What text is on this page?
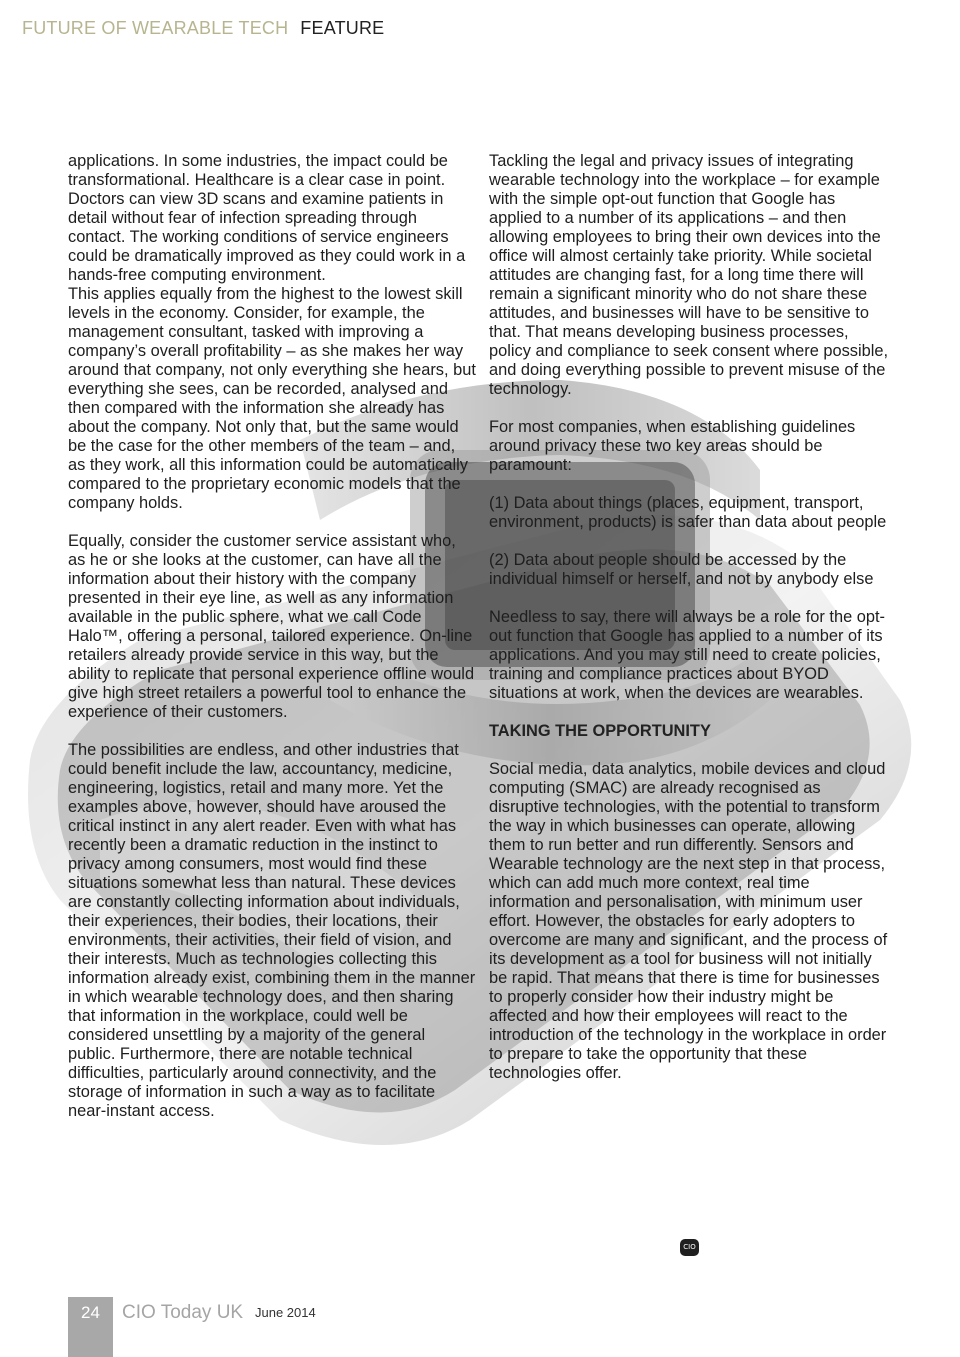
FUTURE OF WEARABLE TECH FEATURE

applications. In some industries, the impact could be transformational. Healthcare is a clear case in point. Doctors can view 3D scans and examine patients in detail without fear of infection spreading through contact. The working conditions of service engineers could be dramatically improved as they could work in a hands-free computing environment.

This applies equally from the highest to the lowest skill levels in the economy. Consider, for example, the management consultant, tasked with improving a company’s overall profitability – as she makes her way around that company, not only everything she hears, but everything she sees, can be recorded, analysed and then compared with the information she already has about the company. Not only that, but the same would be the case for the other members of the team – and, as they work, all this information could be automatically compared to the proprietary economic models that the company holds.

Equally, consider the customer service assistant who, as he or she looks at the customer, can have all the information about their history with the company presented in their eye line, as well as any information available in the public sphere, what we call Code Halo™, offering a personal, tailored experience. On-line retailers already provide service in this way, but the ability to replicate that personal experience offline would give high street retailers a powerful tool to enhance the experience of their customers.

The possibilities are endless, and other industries that could benefit include the law, accountancy, medicine, engineering, logistics, retail and many more. Yet the examples above, however, should have aroused the critical instinct in any alert reader. Even with what has recently been a dramatic reduction in the instinct to privacy among consumers, most would find these situations somewhat less than natural. These devices are constantly collecting information about individuals, their experiences, their bodies, their locations, their environments, their activities, their field of vision, and their interests. Much as technologies collecting this information already exist, combining them in the manner in which wearable technology does, and then sharing that information in the workplace, could well be considered unsettling by a majority of the general public. Furthermore, there are notable technical difficulties, particularly around connectivity, and the storage of information in such a way as to facilitate near-instant access.

Tackling the legal and privacy issues of integrating wearable technology into the workplace – for example with the simple opt-out function that Google has applied to a number of its applications – and then allowing employees to bring their own devices into the office will almost certainly take priority. While societal attitudes are changing fast, for a long time there will remain a significant minority who do not share these attitudes, and businesses will have to be sensitive to that. That means developing business processes, policy and compliance to seek consent where possible, and doing everything possible to prevent misuse of the technology.

For most companies, when establishing guidelines around privacy these two key areas should be paramount:

(1) Data about things (places, equipment, transport, environment, products) is safer than data about people

(2) Data about people should be accessed by the individual himself or herself, and not by anybody else

Needless to say, there will always be a role for the opt-out function that Google has applied to a number of its applications. And you may still need to create policies, training and compliance practices about BYOD situations at work, when the devices are wearables.

TAKING THE OPPORTUNITY

Social media, data analytics, mobile devices and cloud computing (SMAC) are already recognised as disruptive technologies, with the potential to transform the way in which businesses can operate, allowing them to run better and run differently. Sensors and Wearable technology are the next step in that process, which can add much more context, real time information and personalisation, with minimum user effort. However, the obstacles for early adopters to overcome are many and significant, and the process of its development as a tool for business will not initially be rapid. That means that there is time for businesses to properly consider how their industry might be affected and how their employees will react to the introduction of the technology in the workplace in order to prepare to take the opportunity that these technologies offer.

CIO
24	CIO Today UK June 2014
